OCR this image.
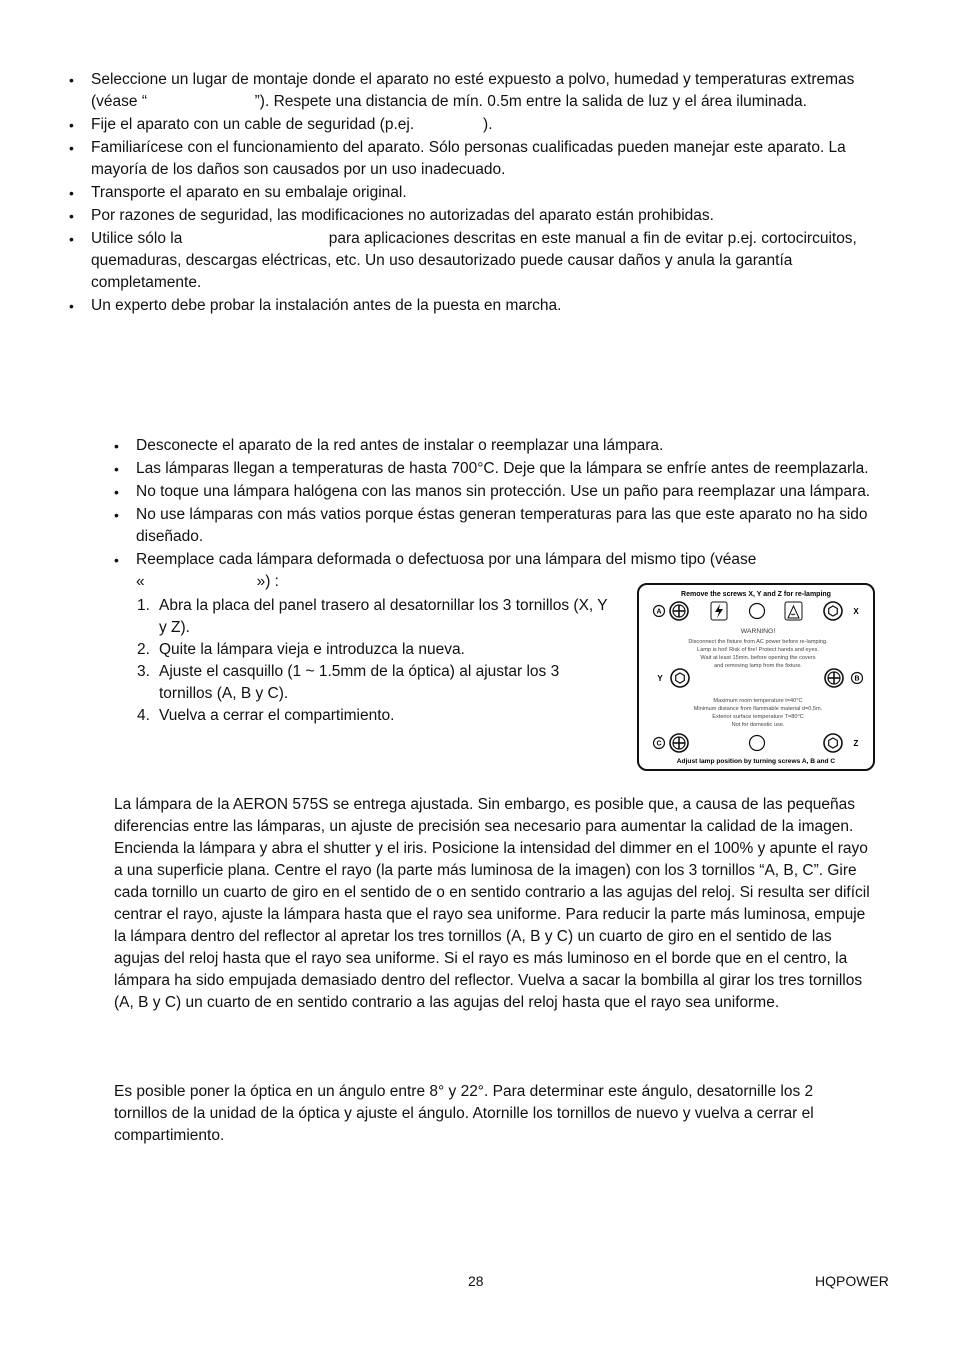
• Seleccione un lugar de montaje donde el aparato no esté expuesto a polvo, humedad y temperaturas extremas
(véase “                         ”). Respete una distancia de mín. 0.5m entre la salida de luz y el área iluminada.
• Fije el aparato con un cable de seguridad (p.ej.                ).
• Familiarícese con el funcionamiento del aparato. Sólo personas cualificadas pueden manejar este aparato. La
mayoría de los daños son causados por un uso inadecuado.
• Transporte el aparato en su embalaje original.
• Por razones de seguridad, las modificaciones no autorizadas del aparato están prohibidas.
• Utilice sólo la                                  para aplicaciones descritas en este manual a fin de evitar p.ej. cortocircuitos,
quemaduras, descargas eléctricas, etc. Un uso desautorizado puede causar daños y anula la garantía
completamente.
• Un experto debe probar la instalación antes de la puesta en marcha.
• Desconecte el aparato de la red antes de instalar o reemplazar una lámpara.
• Las lámparas llegan a temperaturas de hasta 700°C. Deje que la lámpara se enfríe antes de reemplazarla.
• No toque una lámpara halógena con las manos sin protección. Use un paño para reemplazar una lámpara.
• No use lámparas con más vatios porque éstas generan temperaturas para las que este aparato no ha sido
diseñado.
• Reemplace cada lámpara deformada o defectuosa por una lámpara del mismo tipo (véase
«                          ») :
1. Abra la placa del panel trasero al desatornillar los 3 tornillos (X, Y
y Z).
2. Quite la lámpara vieja e introduzca la nueva.
3. Ajuste el casquillo (1 ~ 1.5mm de la óptica) al ajustar los 3
tornillos (A, B y C).
4. Vuelva a cerrar el compartimiento.
Remove the screws X, Y and Z for re-lamping
A	X
WARNING!
Disconnect the fixture from AC power before re-lamping.
Lamp is hot! Risk of fire! Protect hands and eyes.
Wait at least 15min. before opening the covers
and removing lamp from the fixture.
Y	B
Maximum room temperature t=40°C
Minimum distance from flammable material d=0,5m.
Exterior surface temperature T=80°C
Not for domestic use.
C	Z
Adjust lamp position by turning screws A, B and C
La lámpara de la AERON 575S se entrega ajustada. Sin embargo, es posible que, a causa de las pequeñas
diferencias entre las lámparas, un ajuste de precisión sea necesario para aumentar la calidad de la imagen.
Encienda la lámpara y abra el shutter y el iris. Posicione la intensidad del dimmer en el 100% y apunte el rayo
a una superficie plana. Centre el rayo (la parte más luminosa de la imagen) con los 3 tornillos “A, B, C”. Gire
cada tornillo un cuarto de giro en el sentido de o en sentido contrario a las agujas del reloj. Si resulta ser difícil
centrar el rayo, ajuste la lámpara hasta que el rayo sea uniforme. Para reducir la parte más luminosa, empuje
la lámpara dentro del reflector al apretar los tres tornillos (A, B y C) un cuarto de giro en el sentido de las
agujas del reloj hasta que el rayo sea uniforme. Si el rayo es más luminoso en el borde que en el centro, la
lámpara ha sido empujada demasiado dentro del reflector. Vuelva a sacar la bombilla al girar los tres tornillos
(A, B y C) un cuarto de en sentido contrario a las agujas del reloj hasta que el rayo sea uniforme.
Es posible poner la óptica en un ángulo entre 8° y 22°. Para determinar este ángulo, desatornille los 2
tornillos de la unidad de la óptica y ajuste el ángulo. Atornille los tornillos de nuevo y vuelva a cerrar el
compartimiento.
28	HQPOWER
